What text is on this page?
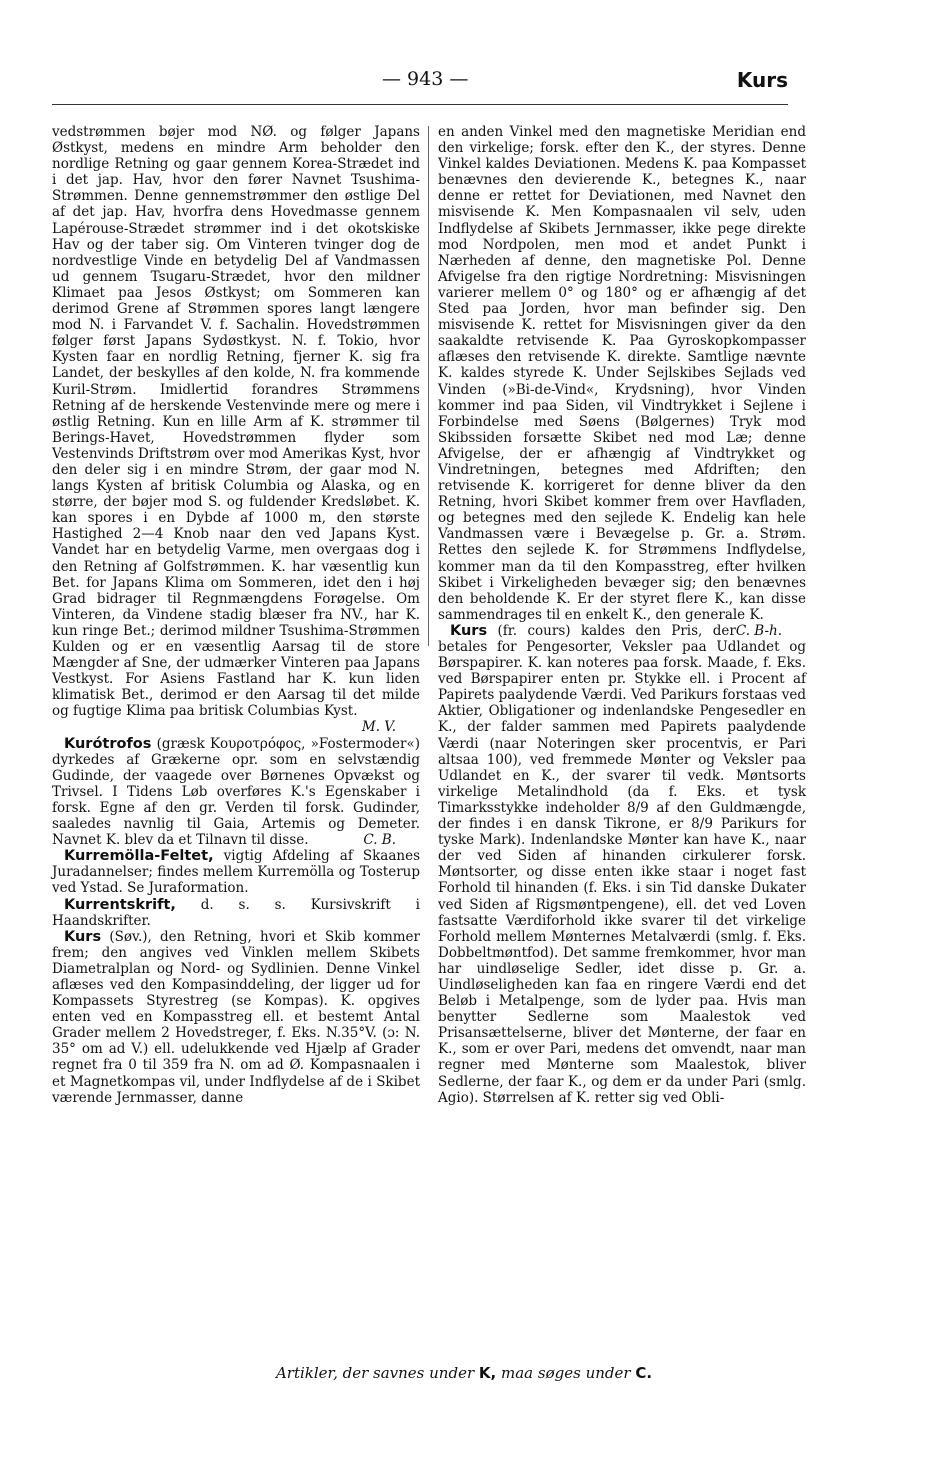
— 943 —	Kurs

vedstrømmen bøjer mod NØ. og følger Japans Østkyst, medens en mindre Arm beholder den nordlige Retning og gaar gennem Korea-Strædet ind i det jap. Hav, hvor den fører Navnet Tsushima-Strømmen. Denne gennemstrømmer den østlige Del af det jap. Hav, hvorfra dens Hovedmasse gennem Lapérouse-Strædet strømmer ind i det okotskiske Hav og der taber sig. Om Vinteren tvinger dog de nordvestlige Vinde en betydelig Del af Vandmassen ud gennem Tsugaru-Strædet, hvor den mildner Klimaet paa Jesos Østkyst; om Sommeren kan derimod Grene af Strømmen spores langt længere mod N. i Farvandet V. f. Sachalin. Hovedstrømmen følger først Japans Sydøstkyst. N. f. Tokio, hvor Kysten faar en nordlig Retning, fjerner K. sig fra Landet, der beskylles af den kolde, N. fra kommende Kuril-Strøm. Imidlertid forandres Strømmens Retning af de herskende Vestenvinde mere og mere i østlig Retning. Kun en lille Arm af K. strømmer til Berings-Havet, Hovedstrømmen flyder som Vestenvinds Driftstrøm over mod Amerikas Kyst, hvor den deler sig i en mindre Strøm, der gaar mod N. langs Kysten af britisk Columbia og Alaska, og en større, der bøjer mod S. og fuldender Kredsløbet. K. kan spores i en Dybde af 1000 m, den største Hastighed 2—4 Knob naar den ved Japans Kyst. Vandet har en betydelig Varme, men overgaas dog i den Retning af Golfstrømmen. K. har væsentlig kun Bet. for Japans Klima om Sommeren, idet den i høj Grad bidrager til Regnmængdens Forøgelse. Om Vinteren, da Vindene stadig blæser fra NV., har K. kun ringe Bet.; derimod mildner Tsushima-Strømmen Kulden og er en væsentlig Aarsag til de store Mængder af Sne, der udmærker Vinteren paa Japans Vestkyst. For Asiens Fastland har K. kun liden klimatisk Bet., derimod er den Aarsag til det milde og fugtige Klima paa britisk Columbias Kyst.

M. V.

Kurótrofos (græsk Κουροτρόφος, »Fostermoder«) dyrkedes af Grækerne opr. som en selvstændig Gudinde, der vaagede over Børnenes Opvækst og Trivsel. I Tidens Løb overføres K.'s Egenskaber i forsk. Egne af den gr. Verden til forsk. Gudinder, saaledes navnlig til Gaia, Artemis og Demeter. Navnet K. blev da et Tilnavn til disse.	C. B.

Kurremölla-Feltet, vigtig Afdeling af Skaanes Juradannelser; findes mellem Kurremölla og Tosterup ved Ystad. Se Juraformation.

Kurrentskrift, d. s. s. Kursivskrift i Haandskrifter.

Kurs (Søv.), den Retning, hvori et Skib kommer frem; den angives ved Vinklen mellem Skibets Diametralplan og Nord- og Sydlinien. Denne Vinkel aflæses ved den Kompasinddeling, der ligger ud for Kompassets Styrestreg (se Kompas). K. opgives enten ved en Kompasstreg ell. et bestemt Antal Grader mellem 2 Hovedstreger, f. Eks. N.35°V. (ɔ: N. 35° om ad V.) ell. udelukkende ved Hjælp af Grader regnet fra 0 til 359 fra N. om ad Ø. Kompasnaalen i et Magnetkompas vil, under Indflydelse af de i Skibet værende Jernmasser, danne

en anden Vinkel med den magnetiske Meridian end den virkelige; forsk. efter den K., der styres. Denne Vinkel kaldes Deviationen. Medens K. paa Kompasset benævnes den devierende K., betegnes K., naar denne er rettet for Deviationen, med Navnet den misvisende K. Men Kompasnaalen vil selv, uden Indflydelse af Skibets Jernmasser, ikke pege direkte mod Nordpolen, men mod et andet Punkt i Nærheden af denne, den magnetiske Pol. Denne Afvigelse fra den rigtige Nordretning: Misvisningen varierer mellem 0° og 180° og er afhængig af det Sted paa Jorden, hvor man befinder sig. Den misvisende K. rettet for Misvisningen giver da den saakaldte retvisende K. Paa Gyroskopkompasser aflæses den retvisende K. direkte. Samtlige nævnte K. kaldes styrede K. Under Sejlskibes Sejlads ved Vinden (»Bi-de-Vind«, Krydsning), hvor Vinden kommer ind paa Siden, vil Vindtrykket i Sejlene i Forbindelse med Søens (Bølgernes) Tryk mod Skibssiden forsætte Skibet ned mod Læ; denne Afvigelse, der er afhængig af Vindtrykket og Vindretningen, betegnes med Afdriften; den retvisende K. korrigeret for denne bliver da den Retning, hvori Skibet kommer frem over Havfladen, og betegnes med den sejlede K. Endelig kan hele Vandmassen være i Bevægelse p. Gr. a. Strøm. Rettes den sejlede K. for Strømmens Indflydelse, kommer man da til den Kompasstreg, efter hvilken Skibet i Virkeligheden bevæger sig; den benævnes den beholdende K. Er der styret flere K., kan disse sammendrages til en enkelt K., den generale K.
C. B-h.

Kurs (fr. cours) kaldes den Pris, der betales for Pengesorter, Veksler paa Udlandet og Børspapirer. K. kan noteres paa forsk. Maade, f. Eks. ved Børspapirer enten pr. Stykke ell. i Procent af Papirets paalydende Værdi. Ved Parikurs forstaas ved Aktier, Obligationer og indenlandske Pengesedler en K., der falder sammen med Papirets paalydende Værdi (naar Noteringen sker procentvis, er Pari altsaa 100), ved fremmede Mønter og Veksler paa Udlandet en K., der svarer til vedk. Møntsorts virkelige Metalindhold (da f. Eks. et tysk Timarksstykke indeholder 8/9 af den Guldmængde, der findes i en dansk Tikrone, er 8/9 Parikurs for tyske Mark). Indenlandske Mønter kan have K., naar der ved Siden af hinanden cirkulerer forsk. Møntsorter, og disse enten ikke staar i noget fast Forhold til hinanden (f. Eks. i sin Tid danske Dukater ved Siden af Rigsmøntpengene), ell. det ved Loven fastsatte Værdiforhold ikke svarer til det virkelige Forhold mellem Mønternes Metalværdi (smlg. f. Eks. Dobbeltmøntfod). Det samme fremkommer, hvor man har uindløselige Sedler, idet disse p. Gr. a. Uindløseligheden kan faa en ringere Værdi end det Beløb i Metalpenge, som de lyder paa. Hvis man benytter Sedlerne som Maalestok ved Prisansættelserne, bliver det Mønterne, der faar en K., som er over Pari, medens det omvendt, naar man regner med Mønterne som Maalestok, bliver Sedlerne, der faar K., og dem er da under Pari (smlg. Agio). Størrelsen af K. retter sig ved Obli-

Artikler, der savnes under K, maa søges under C.
